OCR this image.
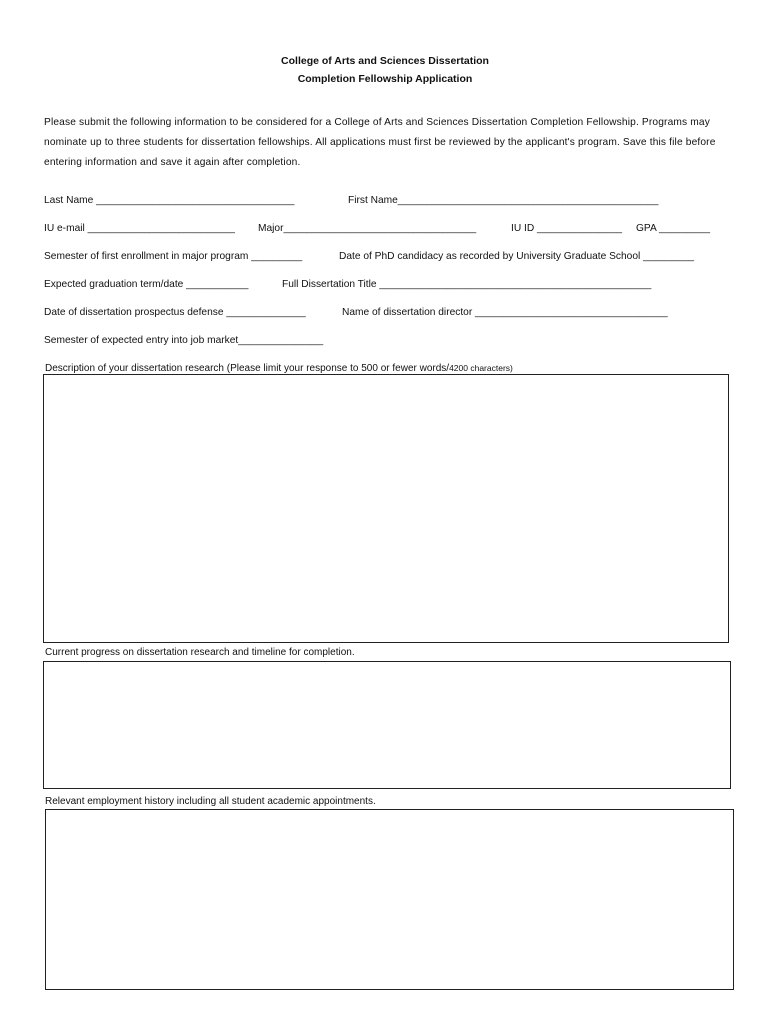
College of Arts and Sciences Dissertation
Completion Fellowship Application
Please submit the following information to be considered for a College of Arts and Sciences Dissertation Completion Fellowship. Programs may nominate up to three students for dissertation fellowships. All applications must first be reviewed by the applicant's program. Save this file before entering information and save it again after completion.
Last Name ___________________________________	First Name______________________________________________
IU e-mail __________________________ Major__________________________________	IU ID _______________ GPA _________
Semester of first enrollment in major program _________	Date of PhD candidacy as recorded by University Graduate School _________
Expected graduation term/date ___________	Full Dissertation Title ________________________________________________
Date of dissertation prospectus defense ______________	Name of dissertation director __________________________________
Semester of expected entry into job market_______________
Description of your dissertation research (Please limit your response to 500 or fewer words/4200 characters)
Current progress on dissertation research and timeline for completion.
Relevant employment history including all student academic appointments.
